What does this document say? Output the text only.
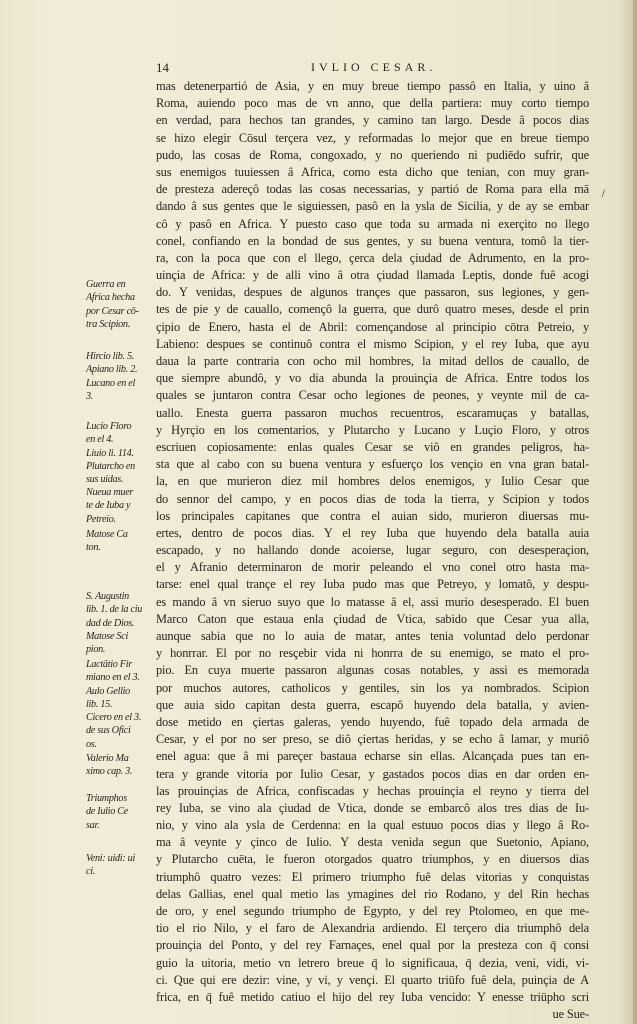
14	IVLIO CESAR.
mas detenerpartió de Asia, y en muy breue tiempo passô en Italia, y uino â
Roma, auiendo poco mas de vn anno, que della partiera: muy corto tiempo
en verdad, para hechos tan grandes, y camino tan largo. Desde â pocos dias
se hizo elegir Cōsul terçera vez, y reformadas lo mejor que en breue tiempo
pudo, las cosas de Roma, congoxado, y no queriendo ni pudiēdo sufrir, que
sus enemigos tuuiessen â Africa, como esta dicho que tenian, con muy gran-
de presteza adereçô todas las cosas necessarias, y partió de Roma para ella mā
dando â sus gentes que le siguiessen, pasô en la ysla de Sicilia, y de ay se embar
cô y pasô en Africa. Y puesto caso que toda su armada ni exerçito no llego
conel, confiando en la bondad de sus gentes, y su buena ventura, tomô la tier-
ra, con la poca que con el llego, çerca dela çiudad de Adrumento, en la pro-
uinçia de Africa: y de alli vino â otra çiudad llamada Leptis, donde fuê acogi
do. Y venidas, despues de algunos trançes que passaron, sus legiones, y gen-
tes de pie y de cauallo, començô la guerra, que durô quatro meses, desde el prin
çipio de Enero, hasta el de Abril: començandose al principio cōtra Petreio, y
Labieno: despues se continuô contra el mismo Scipion, y el rey Iuba, que ayu
daua la parte contraria con ocho mil hombres, la mitad dellos de cauallo, de
que siempre abundô, y vo dia abunda la prouinçia de Africa. Entre todos los
quales se juntaron contra Cesar ocho legiones de peones, y veynte mil de ca-
uallo. Enesta guerra passaron muchos recuentros, escaramuças y batallas,
y Hyrçio en los comentarios, y Plutarcho y Lucano y Luçio Floro, y otros
escriuen copiosamente: enlas quales Cesar se viô en grandes peligros, ha-
sta que al cabo con su buena ventura y esfuerço los vençio en vna gran batal-
la, en que murieron diez mil hombres delos enemigos, y Iulio Cesar que
do sennor del campo, y en pocos dias de toda la tierra, y Scipion y todos
los principales capitanes que contra el auian sido, murieron diuersas mu-
ertes, dentro de pocos dias. Y el rey Iuba que huyendo dela batalla auia
escapado, y no hallando donde acoierse, lugar seguro, con desesperaçion,
el y Afranio determinaron de morir peleando el vno conel otro hasta ma-
tarse: enel qual trançe el rey Iuba pudo mas que Petreyo, y lomatô, y despu-
es mando â vn sieruo suyo que lo matasse â el, assi murio desesperado. El buen
Marco Caton que estaua enla çiudad de Vtica, sabido que Cesar yua alla,
aunque sabia que no lo auia de matar, antes tenia voluntad delo perdonar
y honrrar. El por no resçebir vida ni honrra de su enemigo, se mato el pro-
pio. En cuya muerte passaron algunas cosas notables, y assi es memorada
por muchos autores, catholicos y gentiles, sin los ya nombrados. Scipion
que auia sido capitan desta guerra, escapô huyendo dela batalla, y avien-
dose metido en çiertas galeras, yendo huyendo, fuê topado dela armada de
Cesar, y el por no ser preso, se diô çiertas heridas, y se echo â lamar, y muriô
enel agua: que â mi pareçer bastaua echarse sin ellas. Alcançada pues tan en-
tera y grande vitoria por Iulio Cesar, y gastados pocos dias en dar orden en-
las prouinçias de Africa, confiscadas y hechas prouinçia el reyno y tierra del
rey Iuba, se vino ala çiudad de Vtica, donde se embarcô alos tres dias de Iu-
nio, y vino ala ysla de Cerdenna: en la qual estuuo pocos dias y llego â Ro-
ma â veynte y çinco de Iulio. Y desta venida segun que Suetonio, Apiano,
y Plutarcho cuēta, le fueron otorgados quatro triumphos, y en diuersos dias
triumphô quatro vezes: El primero triumpho fuê delas vitorias y conquistas
delas Gallias, enel qual metio las ymagines del rio Rodano, y del Rin hechas
de oro, y enel segundo triumpho de Egypto, y del rey Ptolomeo, en que me-
tio el rio Nilo, y el faro de Alexandria ardiendo. El terçero dia triumphô dela
prouinçia del Ponto, y del rey Farnaçes, enel qual por la presteza con q̄ consi
guio la uitoria, metio vn letrero breue q̄ lo significaua, q̄ dezia, veni, vidi, vi-
ci. Que qui ere dezir: vine, y vi, y vençi. El quarto triūfo fuê dela, puinçia de A
frica, en q̄ fuê metido catiuo el hijo del rey Iuba vencido: Y enesse triūpho scri
ue Sue-
Guerra en
Africa hecha
por Cesar cō-
tra Scipion.
Hircio lib. 5.
Apiano lib. 2.
Lucano en el
3.
Lucio Floro
en el 4.
Liuio li. 114.
Plutarcho en
sus uidas.
Nueua muer
te de Iuba y
Petreio.
Matose Ca
ton.
S. Augustin
lib. 1. de la ciu
dad de Dios.
Matose Sci
pion.
Lactātio Fir
miano en el 3.
Aulo Gellio
lib. 15.
Cicero en el 3.
de sus Ofici
os.
Valerio Ma
ximo cap. 3.
Triumphos
de Iulio Ce
sar.
Veni: uidi: ui
ci.
/
